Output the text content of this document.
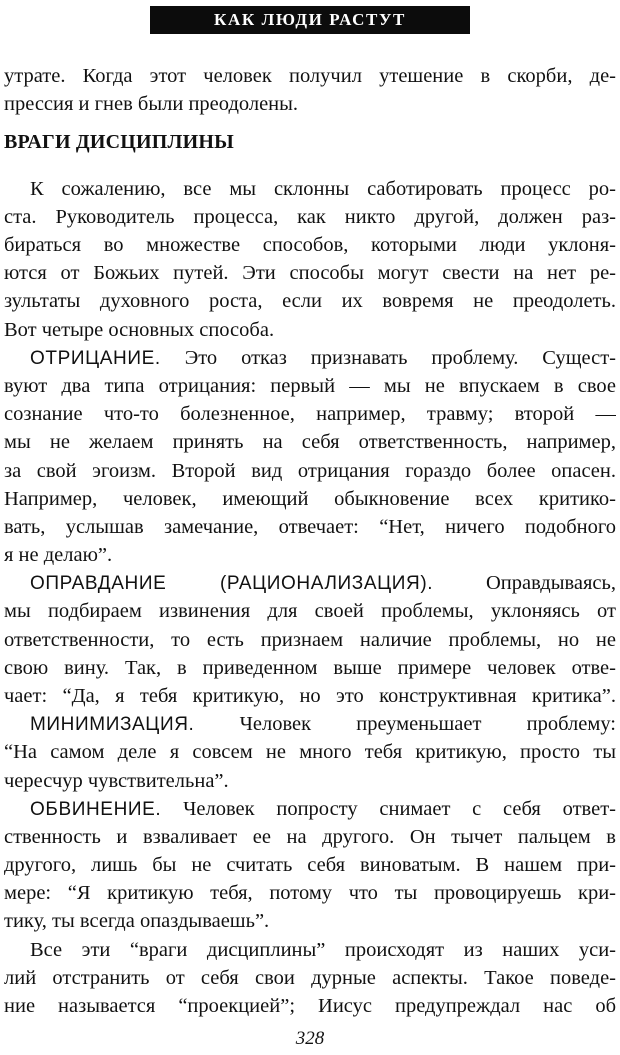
КАК ЛЮДИ РАСТУТ
утрате. Когда этот человек получил утешение в скорби, де-
прессия и гнев были преодолены.
ВРАГИ ДИСЦИПЛИНЫ
К сожалению, все мы склонны саботировать процесс ро-
ста. Руководитель процесса, как никто другой, должен раз-
бираться во множестве способов, которыми люди уклоня-
ются от Божьих путей. Эти способы могут свести на нет ре-
зультаты духовного роста, если их вовремя не преодолеть.
Вот четыре основных способа.
ОТРИЦАНИЕ. Это отказ признавать проблему. Сущест-
вуют два типа отрицания: первый — мы не впускаем в свое
сознание что-то болезненное, например, травму; второй —
мы не желаем принять на себя ответственность, например,
за свой эгоизм. Второй вид отрицания гораздо более опасен.
Например, человек, имеющий обыкновение всех критико-
вать, услышав замечание, отвечает: “Нет, ничего подобного
я не делаю”.
ОПРАВДАНИЕ (РАЦИОНАЛИЗАЦИЯ). Оправдываясь,
мы подбираем извинения для своей проблемы, уклоняясь от
ответственности, то есть признаем наличие проблемы, но не
свою вину. Так, в приведенном выше примере человек отве-
чает: “Да, я тебя критикую, но это конструктивная критика”.
МИНИМИЗАЦИЯ. Человек преуменьшает проблему:
“На самом деле я совсем не много тебя критикую, просто ты
чересчур чувствительна”.
ОБВИНЕНИЕ. Человек попросту снимает с себя ответ-
ственность и взваливает ее на другого. Он тычет пальцем в
другого, лишь бы не считать себя виноватым. В нашем при-
мере: “Я критикую тебя, потому что ты провоцируешь кри-
тику, ты всегда опаздываешь”.
Все эти “враги дисциплины” происходят из наших уси-
лий отстранить от себя свои дурные аспекты. Такое поведе-
ние называется “проекцией”; Иисус предупреждал нас об
328
